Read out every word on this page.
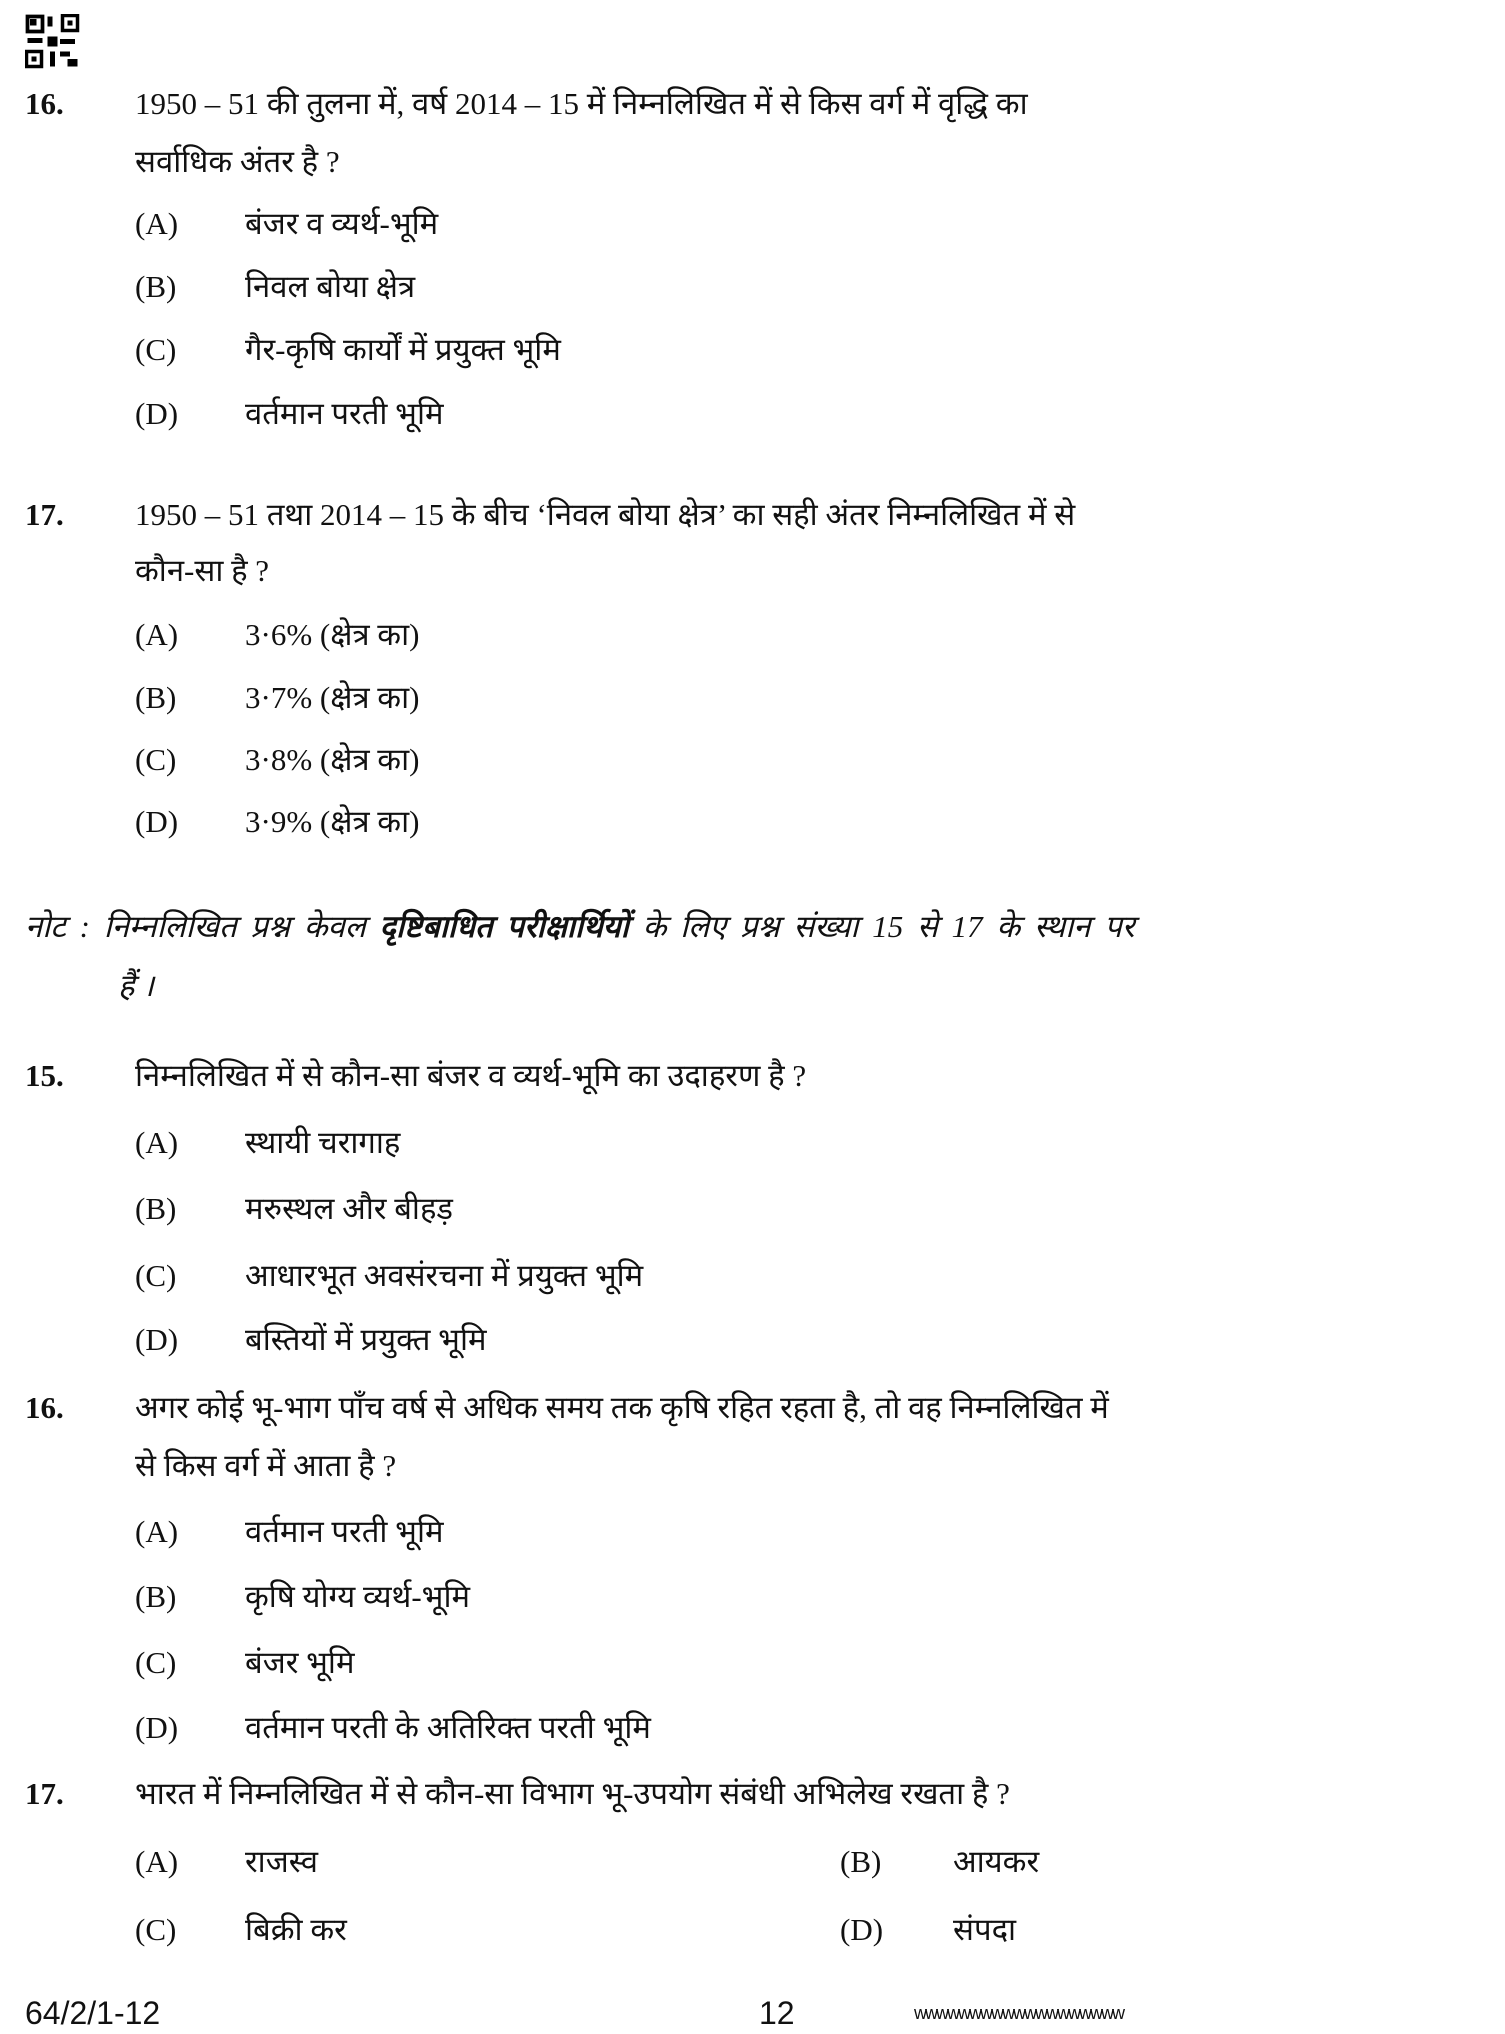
16. 1950 – 51 की तुलना में, वर्ष 2014 – 15 में निम्नलिखित में से किस वर्ग में वृद्धि का
सर्वाधिक अंतर है ?
(A) बंजर व व्यर्थ-भूमि
(B) निवल बोया क्षेत्र
(C) गैर-कृषि कार्यों में प्रयुक्त भूमि
(D) वर्तमान परती भूमि
17. 1950 – 51 तथा 2014 – 15 के बीच ‘निवल बोया क्षेत्र’ का सही अंतर निम्नलिखित में से
कौन-सा है ?
(A) 3·6% (क्षेत्र का)
(B) 3·7% (क्षेत्र का)
(C) 3·8% (क्षेत्र का)
(D) 3·9% (क्षेत्र का)
नोट : निम्नलिखित प्रश्न केवल दृष्टिबाधित परीक्षार्थियों के लिए प्रश्न संख्या 15 से 17 के स्थान पर
हैं ।
15. निम्नलिखित में से कौन-सा बंजर व व्यर्थ-भूमि का उदाहरण है ?
(A) स्थायी चरागाह
(B) मरुस्थल और बीहड़
(C) आधारभूत अवसंरचना में प्रयुक्त भूमि
(D) बस्तियों में प्रयुक्त भूमि
16. अगर कोई भू-भाग पाँच वर्ष से अधिक समय तक कृषि रहित रहता है, तो वह निम्नलिखित में
से किस वर्ग में आता है ?
(A) वर्तमान परती भूमि
(B) कृषि योग्य व्यर्थ-भूमि
(C) बंजर भूमि
(D) वर्तमान परती के अतिरिक्त परती भूमि
17. भारत में निम्नलिखित में से कौन-सा विभाग भू-उपयोग संबंधी अभिलेख रखता है ?
(A) राजस्व	(B) आयकर
(C) बिक्री कर	(D) संपदा
64/2/1-12	12	wwwwwwwwwwwwwwwwwww
